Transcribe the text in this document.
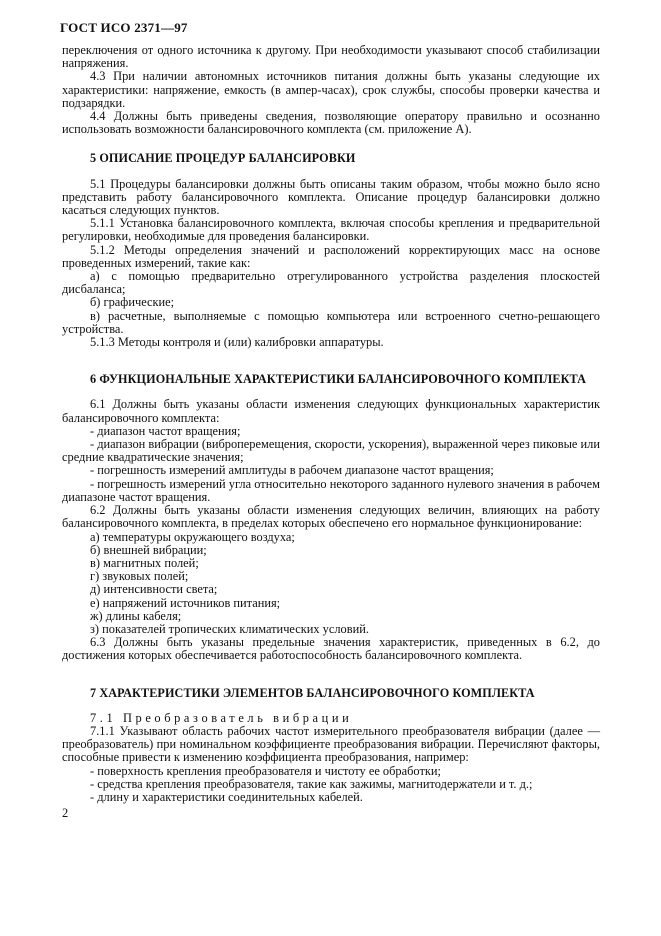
ГОСТ ИСО 2371—97

переключения от одного источника к другому. При необходимости указывают способ стабилизации напряжения.

4.3 При наличии автономных источников питания должны быть указаны следующие их характеристики: напряжение, емкость (в ампер-часах), срок службы, способы проверки качества и подзарядки.

4.4 Должны быть приведены сведения, позволяющие оператору правильно и осознанно использовать возможности балансировочного комплекта (см. приложение А).

5 ОПИСАНИЕ ПРОЦЕДУР БАЛАНСИРОВКИ

5.1 Процедуры балансировки должны быть описаны таким образом, чтобы можно было ясно представить работу балансировочного комплекта. Описание процедур балансировки должно касаться следующих пунктов.

5.1.1 Установка балансировочного комплекта, включая способы крепления и предварительной регулировки, необходимые для проведения балансировки.

5.1.2 Методы определения значений и расположений корректирующих масс на основе проведенных измерений, такие как:

а) с помощью предварительно отрегулированного устройства разделения плоскостей дисбаланса;

б) графические;

в) расчетные, выполняемые с помощью компьютера или встроенного счетно-решающего устройства.

5.1.3 Методы контроля и (или) калибровки аппаратуры.

6 ФУНКЦИОНАЛЬНЫЕ ХАРАКТЕРИСТИКИ БАЛАНСИРОВОЧНОГО КОМПЛЕКТА

6.1 Должны быть указаны области изменения следующих функциональных характеристик балансировочного комплекта:

- диапазон частот вращения;

- диапазон вибрации (виброперемещения, скорости, ускорения), выраженной через пиковые или средние квадратические значения;

- погрешность измерений амплитуды в рабочем диапазоне частот вращения;

- погрешность измерений угла относительно некоторого заданного нулевого значения в рабочем диапазоне частот вращения.

6.2 Должны быть указаны области изменения следующих величин, влияющих на работу балансировочного комплекта, в пределах которых обеспечено его нормальное функционирование:

а) температуры окружающего воздуха;

б) внешней вибрации;

в) магнитных полей;

г) звуковых полей;

д) интенсивности света;

е) напряжений источников питания;

ж) длины кабеля;

з) показателей тропических климатических условий.

6.3 Должны быть указаны предельные значения характеристик, приведенных в 6.2, до достижения которых обеспечивается работоспособность балансировочного комплекта.

7 ХАРАКТЕРИСТИКИ ЭЛЕМЕНТОВ БАЛАНСИРОВОЧНОГО КОМПЛЕКТА

7.1 Преобразователь вибрации

7.1.1 Указывают область рабочих частот измерительного преобразователя вибрации (далее — преобразователь) при номинальном коэффициенте преобразования вибрации. Перечисляют факторы, способные привести к изменению коэффициента преобразования, например:

- поверхность крепления преобразователя и чистоту ее обработки;

- средства крепления преобразователя, такие как зажимы, магнитодержатели и т. д.;

- длину и характеристики соединительных кабелей.

2
